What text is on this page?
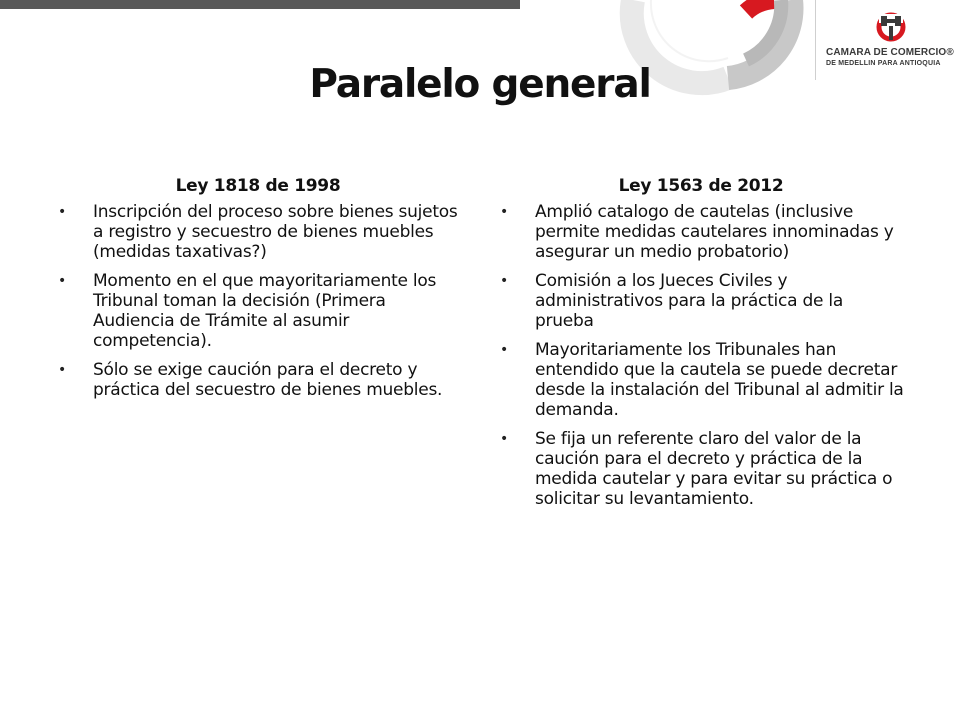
CAMARA DE COMERCIO®
DE MEDELLIN PARA ANTIOQUIA
Paralelo general
Ley 1818 de 1998
• Inscripción del proceso sobre bienes sujetos a registro y secuestro de bienes muebles (medidas taxativas?)
• Momento en el que mayoritariamente los Tribunal toman la decisión (Primera Audiencia de Trámite al asumir competencia).
• Sólo se exige caución para el decreto y práctica del secuestro de bienes muebles.
Ley 1563 de 2012
• Amplió catalogo de cautelas (inclusive permite medidas cautelares innominadas y asegurar un medio probatorio)
• Comisión a los Jueces Civiles y administrativos para la práctica de la prueba
• Mayoritariamente los Tribunales han entendido que la cautela se puede decretar desde la instalación del Tribunal al admitir la demanda.
• Se fija un referente claro del valor de la caución para el decreto y práctica de la medida cautelar y para evitar su práctica o solicitar su levantamiento.
